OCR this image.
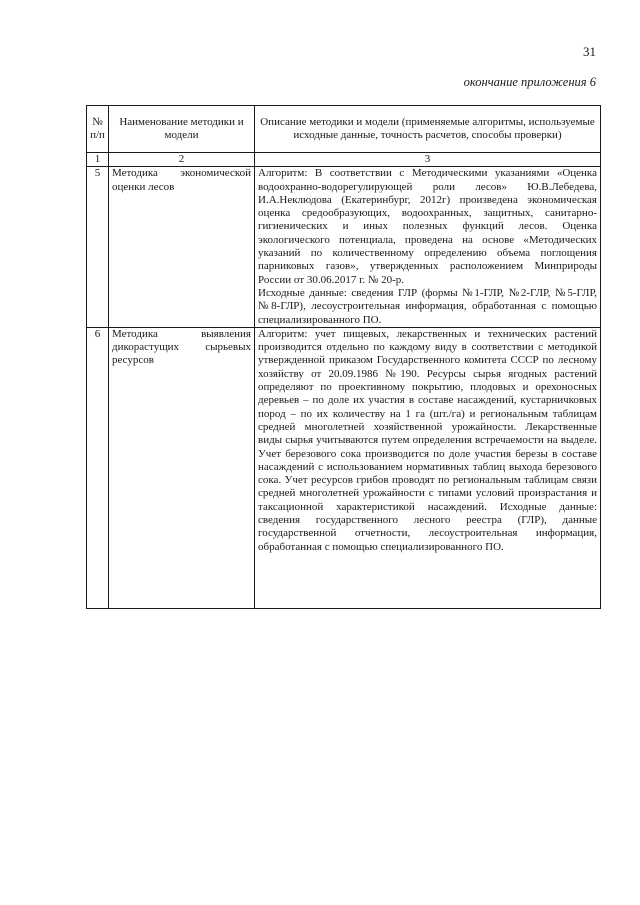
31
окончание приложения 6
№ п/п	Наименование методики и модели	Описание методики и модели (применяемые алгоритмы, используемые исходные данные, точность расчетов, способы проверки)
1	2	3
5	Методика экономической оценки лесов	Алгоритм: В соответствии с Методическими указаниями «Оценка водоохранно-водорегулирующей роли лесов» Ю.В.Лебедева, И.А.Неклюдова (Екатеринбург, 2012г) произведена экономическая оценка средообразующих, водоохранных, защитных, санитарно-гигиенических и иных полезных функций лесов. Оценка экологического потенциала, проведена на основе «Методических указаний по количественному определению объема поглощения парниковых газов», утвержденных расположением Минприроды России от 30.06.2017 г. № 20-р.

Исходные данные: сведения ГЛР (формы №1-ГЛР, №2-ГЛР, №5-ГЛР, №8-ГЛР), лесоустроительная информация, обработанная с помощью специализированного ПО.

6	Методика выявления дикорастущих сырьевых ресурсов	Алгоритм: учет пищевых, лекарственных и технических растений производится отдельно по каждому виду в соответствии с методикой утвержденной приказом Государственного комитета СССР по лесному хозяйству от 20.09.1986 №190. Ресурсы сырья ягодных растений определяют по проективному покрытию, плодовых и орехоносных деревьев – по доле их участия в составе насаждений, кустарничковых пород – по их количеству на 1 га (шт./га) и региональным таблицам средней многолетней хозяйственной урожайности. Лекарственные виды сырья учитываются путем определения встречаемости на выделе. Учет березового сока производится по доле участия березы в составе насаждений с использованием нормативных таблиц выхода березового сока. Учет ресурсов грибов проводят по региональным таблицам связи средней многолетней урожайности с типами условий произрастания и таксационной характеристикой насаждений. Исходные данные: сведения государственного лесного реестра (ГЛР), данные государственной отчетности, лесоустроительная информация, обработанная с помощью специализированного ПО.
